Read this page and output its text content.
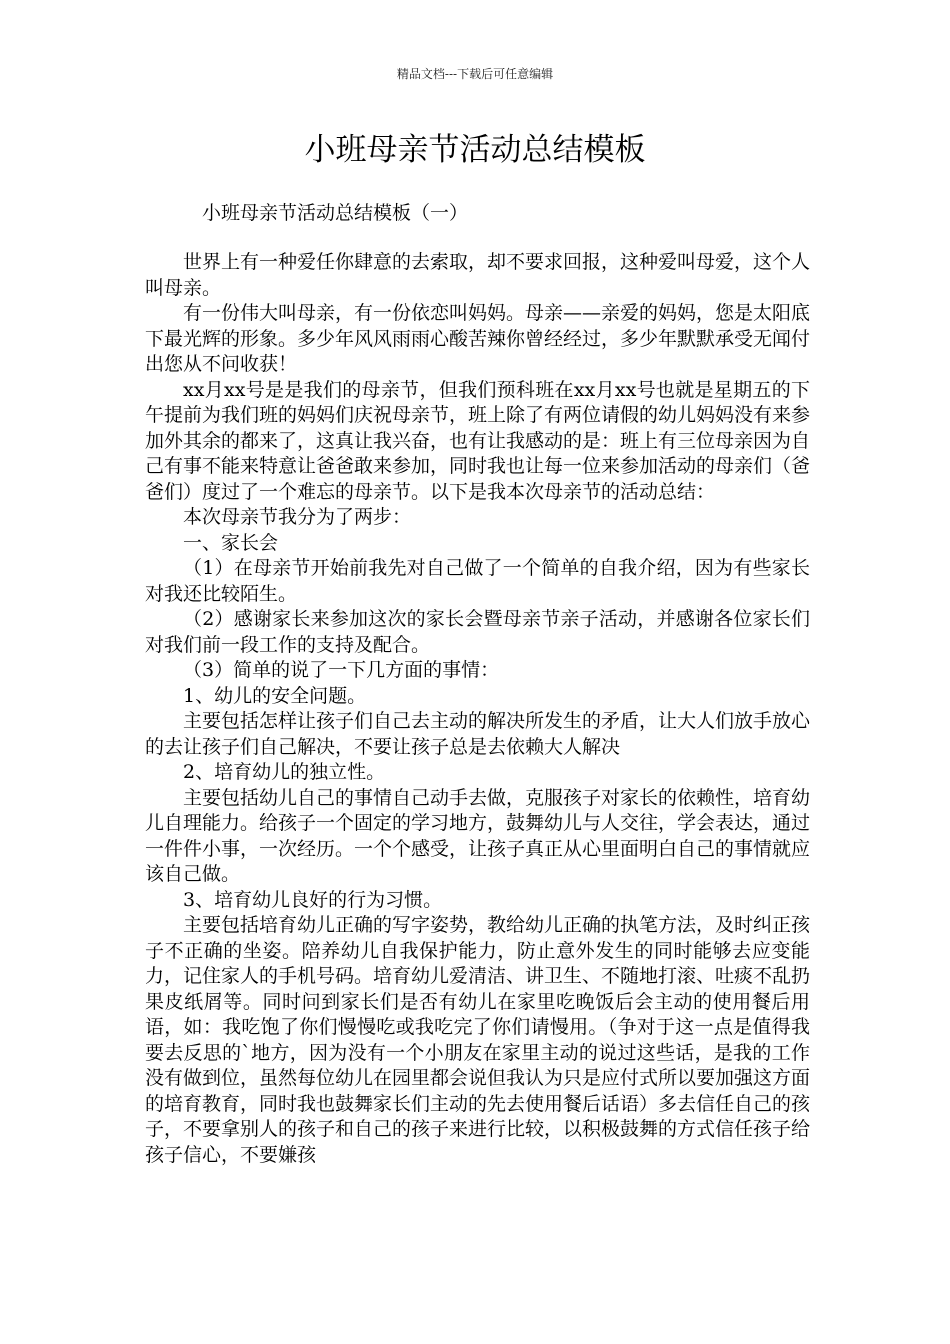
精品文档---下载后可任意编辑
小班母亲节活动总结模板
小班母亲节活动总结模板（一）

世界上有一种爱任你肆意的去索取，却不要求回报，这种爱叫母爱，这个人叫母亲。

有一份伟大叫母亲，有一份依恋叫妈妈。母亲——亲爱的妈妈，您是太阳底下最光辉的形象。多少年风风雨雨心酸苦辣你曾经经过，多少年默默承受无闻付出您从不问收获！

xx月xx号是是我们的母亲节，但我们预科班在xx月xx号也就是星期五的下午提前为我们班的妈妈们庆祝母亲节，班上除了有两位请假的幼儿妈妈没有来参加外其余的都来了，这真让我兴奋，也有让我感动的是：班上有三位母亲因为自己有事不能来特意让爸爸敢来参加，同时我也让每一位来参加活动的母亲们（爸爸们）度过了一个难忘的母亲节。以下是我本次母亲节的活动总结：

本次母亲节我分为了两步：

一、家长会

（1）在母亲节开始前我先对自己做了一个简单的自我介绍，因为有些家长对我还比较陌生。

（2）感谢家长来参加这次的家长会暨母亲节亲子活动，并感谢各位家长们对我们前一段工作的支持及配合。

（3）简单的说了一下几方面的事情：

1、幼儿的安全问题。

主要包括怎样让孩子们自己去主动的解决所发生的矛盾，让大人们放手放心的去让孩子们自己解决，不要让孩子总是去依赖大人解决

2、培育幼儿的独立性。

主要包括幼儿自己的事情自己动手去做，克服孩子对家长的依赖性，培育幼儿自理能力。给孩子一个固定的学习地方，鼓舞幼儿与人交往，学会表达，通过一件件小事，一次经历。一个个感受，让孩子真正从心里面明白自己的事情就应该自己做。

3、培育幼儿良好的行为习惯。

主要包括培育幼儿正确的写字姿势，教给幼儿正确的执笔方法，及时纠正孩子不正确的坐姿。陪养幼儿自我保护能力，防止意外发生的同时能够去应变能力，记住家人的手机号码。培育幼儿爱清洁、讲卫生、不随地打滚、吐痰不乱扔果皮纸屑等。同时问到家长们是否有幼儿在家里吃晚饭后会主动的使用餐后用语，如：我吃饱了你们慢慢吃或我吃完了你们请慢用。（争对于这一点是值得我要去反思的`地方，因为没有一个小朋友在家里主动的说过这些话，是我的工作没有做到位，虽然每位幼儿在园里都会说但我认为只是应付式所以要加强这方面的培育教育，同时我也鼓舞家长们主动的先去使用餐后话语）多去信任自己的孩子，不要拿别人的孩子和自己的孩子来进行比较，以积极鼓舞的方式信任孩子给孩子信心，不要嫌孩
